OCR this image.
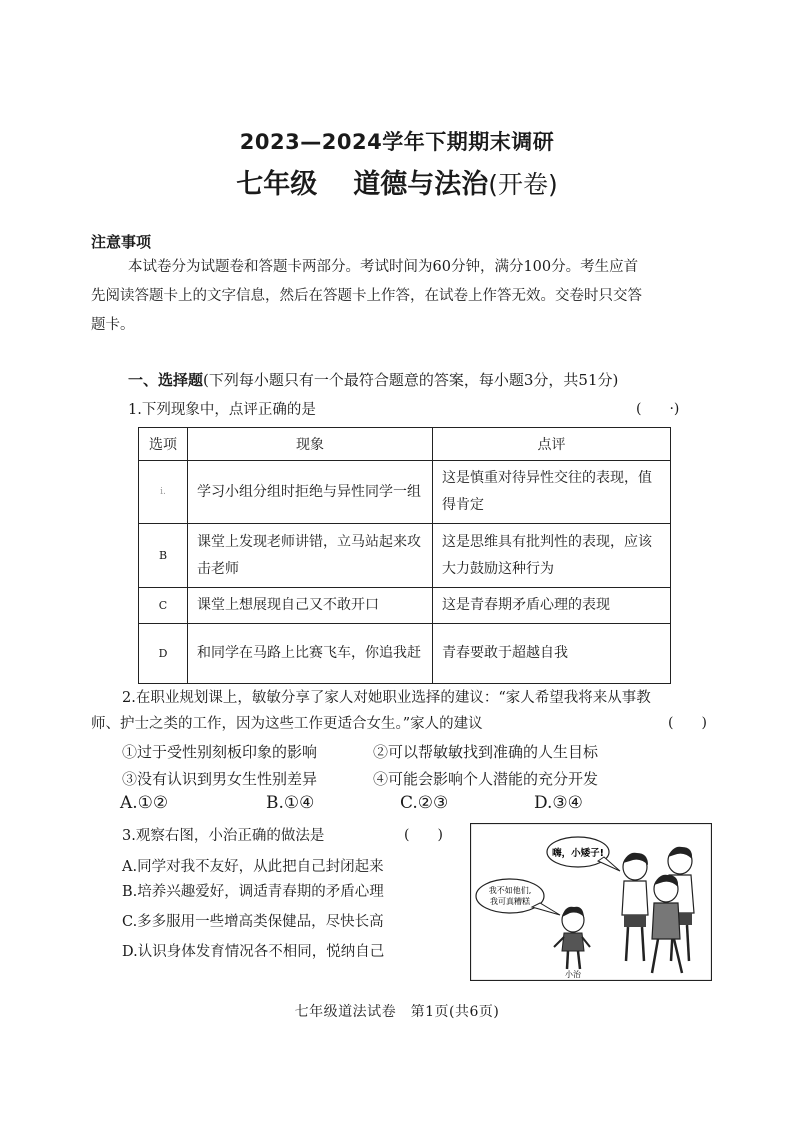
2023—2024学年下期期末调研
七年级 道德与法治(开卷)
注意事项
本试卷分为试题卷和答题卡两部分。考试时间为60分钟，满分100分。考生应首
先阅读答题卡上的文字信息，然后在答题卡上作答，在试卷上作答无效。交卷时只交答
题卡。
一、选择题(下列每小题只有一个最符合题意的答案，每小题3分，共51分)
1.下列现象中，点评正确的是	(　　·)
选项	现象	点评
ⅰ.	学习小组分组时拒绝与异性同学一组	这是慎重对待异性交往的表现，值得肯定
B	课堂上发现老师讲错，立马站起来攻击老师	这是思维具有批判性的表现，应该大力鼓励这种行为
C	课堂上想展现自己又不敢开口	这是青春期矛盾心理的表现
D	和同学在马路上比赛飞车，你追我赶	青春要敢于超越自我
2.在职业规划课上，敏敏分享了家人对她职业选择的建议：“家人希望我将来从事教
师、护士之类的工作，因为这些工作更适合女生。”家人的建议	(　　)
①过于受性别刻板印象的影响	②可以帮敏敏找到准确的人生目标
③没有认识到男女生性别差异	④可能会影响个人潜能的充分开发
A.①②	B.①④	C.②③	D.③④
3.观察右图，小治正确的做法是	(　　)
A.同学对我不友好，从此把自己封闭起来
B.培养兴趣爱好，调适青春期的矛盾心理
C.多多服用一些增高类保健品，尽快长高
D.认识身体发育情况各不相同，悦纳自己
嗨，小矮子!
我不如他们,
我可真糟糕
小治
七年级道法试卷　第1页(共6页)
